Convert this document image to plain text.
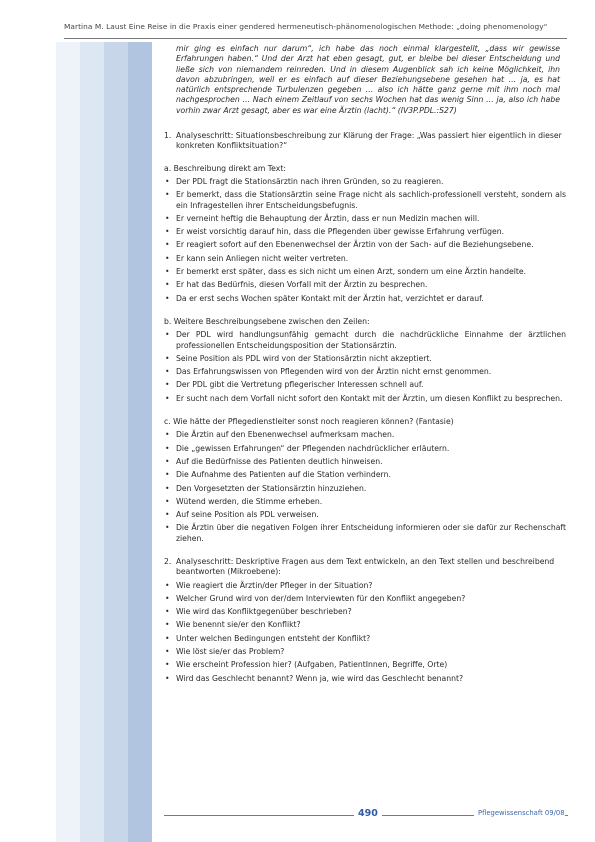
Martina M. Laust Eine Reise in die Praxis einer gendered hermeneutisch-phänomenologischen Methode: „doing phenomenology“
mir ging es einfach nur darum“, ich habe das noch einmal klargestellt, „dass wir gewisse Erfahrungen haben.“ Und der Arzt hat eben gesagt, gut, er bleibe bei dieser Entscheidung und ließe sich von niemandem reinreden. Und in diesem Augenblick sah ich keine Möglichkeit, ihn davon abzubringen, weil er es einfach auf dieser Beziehungsebene gesehen hat … ja, es hat natürlich entsprechende Turbulenzen gegeben … also ich hätte ganz gerne mit ihm noch mal nachgesprochen … Nach einem Zeitlauf von sechs Wochen hat das wenig Sinn … ja, also ich habe vorhin zwar Arzt gesagt, aber es war eine Ärztin (lacht).“ (IV3P.PDL.:S27)
1. Analyseschritt: Situationsbeschreibung zur Klärung der Frage: „Was passiert hier eigentlich in dieser konkreten Konfliktsituation?“
a. Beschreibung direkt am Text:
• Der PDL fragt die Stationsärztin nach ihren Gründen, so zu reagieren.
• Er bemerkt, dass die Stationsärztin seine Frage nicht als sachlich-professionell versteht, sondern als ein Infragestellen ihrer Entscheidungsbefugnis.
• Er verneint heftig die Behauptung der Ärztin, dass er nun Medizin machen will.
• Er weist vorsichtig darauf hin, dass die Pflegenden über gewisse Erfahrung verfügen.
• Er reagiert sofort auf den Ebenenwechsel der Ärztin von der Sach- auf die Beziehungsebene.
• Er kann sein Anliegen nicht weiter vertreten.
• Er bemerkt erst später, dass es sich nicht um einen Arzt, sondern um eine Ärztin handelte.
• Er hat das Bedürfnis, diesen Vorfall mit der Ärztin zu besprechen.
• Da er erst sechs Wochen später Kontakt mit der Ärztin hat, verzichtet er darauf.
b. Weitere Beschreibungsebene zwischen den Zeilen:
• Der PDL wird handlungsunfähig gemacht durch die nachdrückliche Einnahme der ärztlichen professionellen Entscheidungsposition der Stationsärztin.
• Seine Position als PDL wird von der Stationsärztin nicht akzeptiert.
• Das Erfahrungswissen von Pflegenden wird von der Ärztin nicht ernst genommen.
• Der PDL gibt die Vertretung pflegerischer Interessen schnell auf.
• Er sucht nach dem Vorfall nicht sofort den Kontakt mit der Ärztin, um diesen Konflikt zu besprechen.
c. Wie hätte der Pflegedienstleiter sonst noch reagieren können? (Fantasie)
• Die Ärztin auf den Ebenenwechsel aufmerksam machen.
• Die „gewissen Erfahrungen“ der Pflegenden nachdrücklicher erläutern.
• Auf die Bedürfnisse des Patienten deutlich hinweisen.
• Die Aufnahme des Patienten auf die Station verhindern.
• Den Vorgesetzten der Stationsärztin hinzuziehen.
• Wütend werden, die Stimme erheben.
• Auf seine Position als PDL verweisen.
• Die Ärztin über die negativen Folgen ihrer Entscheidung informieren oder sie dafür zur Rechenschaft ziehen.
2. Analyseschritt: Deskriptive Fragen aus dem Text entwickeln, an den Text stellen und beschreibend beantworten (Mikroebene):
• Wie reagiert die Ärztin/der Pfleger in der Situation?
• Welcher Grund wird von der/dem Interviewten für den Konflikt angegeben?
• Wie wird das Konfliktgegenüber beschrieben?
• Wie benennt sie/er den Konflikt?
• Unter welchen Bedingungen entsteht der Konflikt?
• Wie löst sie/er das Problem?
• Wie erscheint Profession hier? (Aufgaben, PatientInnen, Begriffe, Orte)
• Wird das Geschlecht benannt? Wenn ja, wie wird das Geschlecht benannt?
490	Pflegewissenschaft 09/08
